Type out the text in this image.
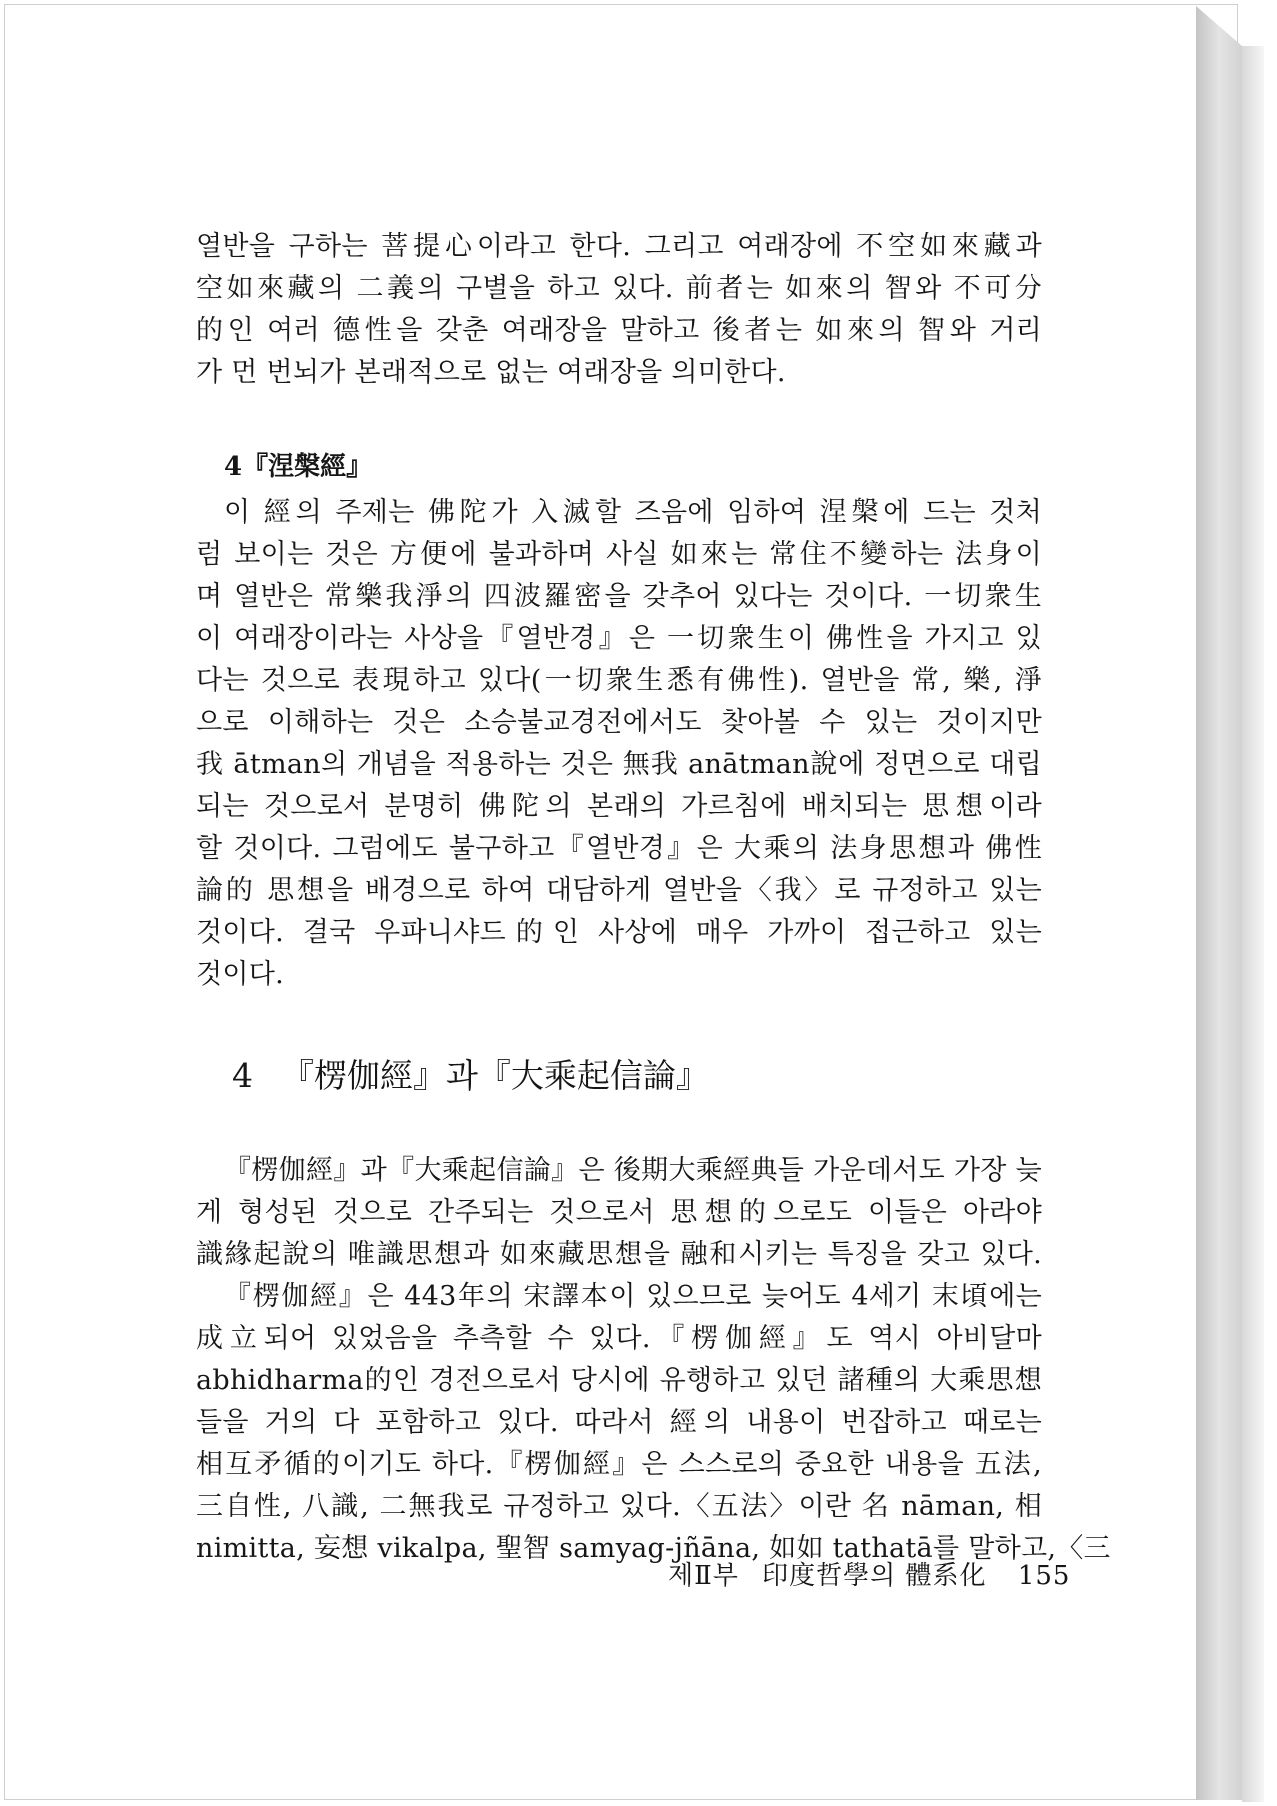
열반을 구하는 菩提心이라고 한다. 그리고 여래장에 不空如來藏과
空如來藏의 二義의 구별을 하고 있다. 前者는 如來의 智와 不可分
的인 여러 德性을 갖춘 여래장을 말하고 後者는 如來의 智와 거리
가 먼 번뇌가 본래적으로 없는 여래장을 의미한다.

4『涅槃經』

이 經의 주제는 佛陀가 入滅할 즈음에 임하여 涅槃에 드는 것처
럼 보이는 것은 方便에 불과하며 사실 如來는 常住不變하는 法身이
며 열반은 常樂我淨의 四波羅密을 갖추어 있다는 것이다. 一切衆生
이 여래장이라는 사상을『열반경』은 一切衆生이 佛性을 가지고 있
다는 것으로 表現하고 있다(一切衆生悉有佛性). 열반을 常, 樂, 淨
으로 이해하는 것은 소승불교경전에서도 찾아볼 수 있는 것이지만
我 ātman의 개념을 적용하는 것은 無我 anātman說에 정면으로 대립
되는 것으로서 분명히 佛陀의 본래의 가르침에 배치되는 思想이라
할 것이다. 그럼에도 불구하고『열반경』은 大乘의 法身思想과 佛性
論的 思想을 배경으로 하여 대담하게 열반을〈我〉로 규정하고 있는
것이다. 결국 우파니샤드的인 사상에 매우 가까이 접근하고 있는
것이다.

4 『楞伽經』과『大乘起信論』

『楞伽經』과『大乘起信論』은 後期大乘經典들 가운데서도 가장 늦
게 형성된 것으로 간주되는 것으로서 思想的으로도 이들은 아라야
識緣起說의 唯識思想과 如來藏思想을 融和시키는 특징을 갖고 있다.

『楞伽經』은 443年의 宋譯本이 있으므로 늦어도 4세기 末頃에는
成立되어 있었음을 추측할 수 있다.『楞伽經』도 역시 아비달마
abhidharma的인 경전으로서 당시에 유행하고 있던 諸種의 大乘思想
들을 거의 다 포함하고 있다. 따라서 經의 내용이 번잡하고 때로는
相互矛循的이기도 하다.『楞伽經』은 스스로의 중요한 내용을 五法,
三自性, 八識, 二無我로 규정하고 있다.〈五法〉이란 名 nāman, 相
nimitta, 妄想 vikalpa, 聖智 samyag-jñāna, 如如 tathatā를 말하고,〈三

제Ⅱ부 印度哲學의 體系化 155
